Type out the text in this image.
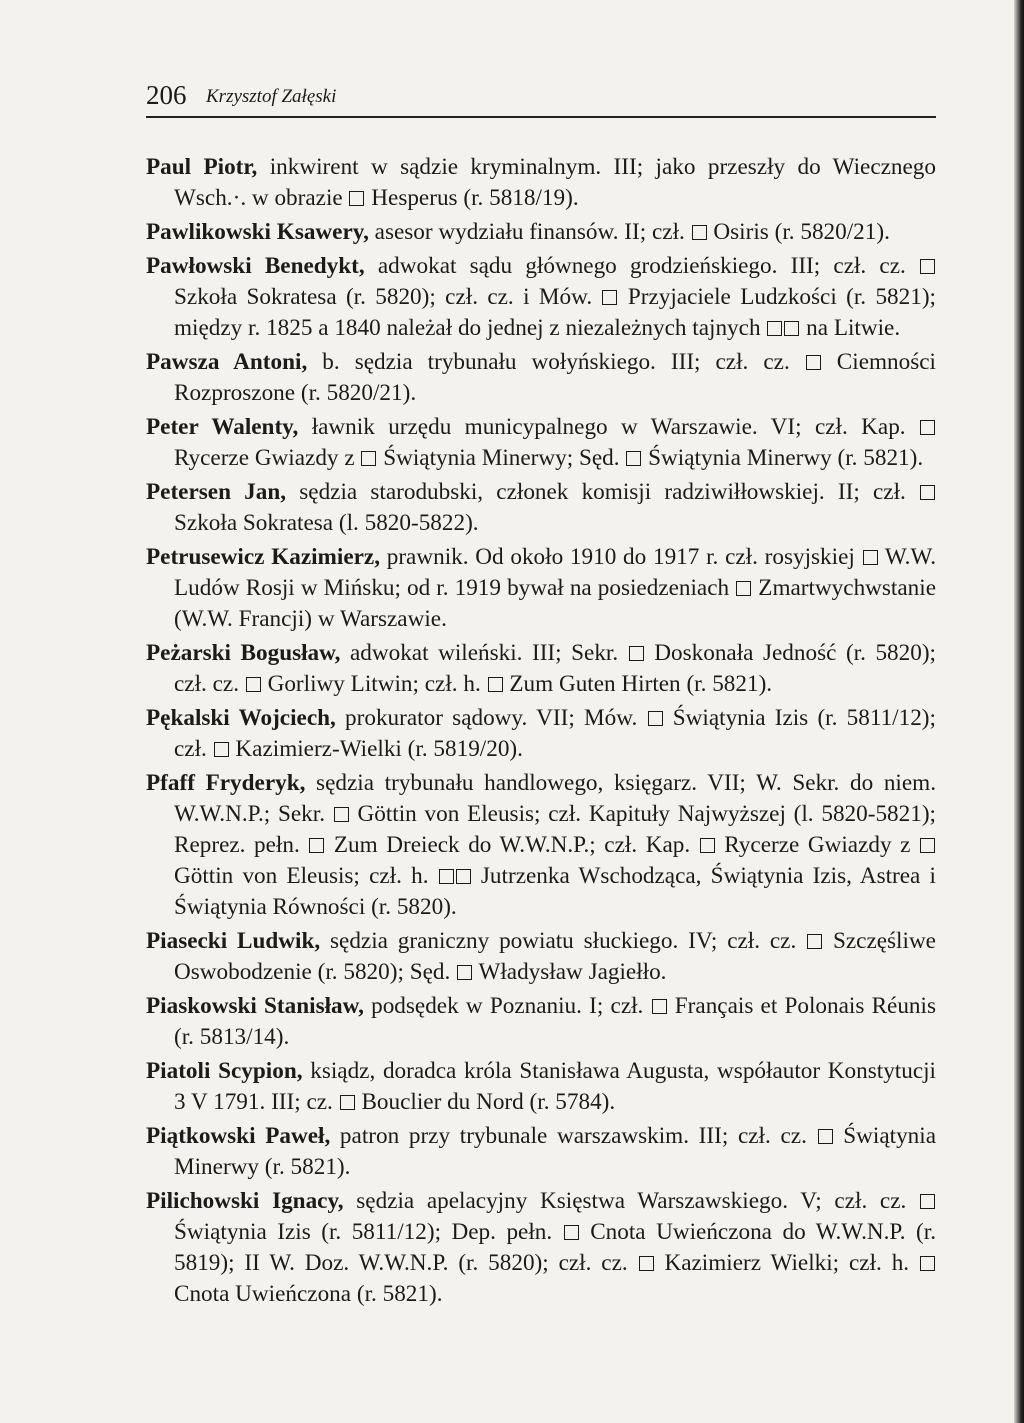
206 Krzysztof Załęski

Paul Piotr, inkwirent w sądzie kryminalnym. III; jako przeszły do Wiecznego Wsch.·. w obrazie  Hesperus (r. 5818/19).

Pawlikowski Ksawery, asesor wydziału finansów. II; czł.  Osiris (r. 5820/21).

Pawłowski Benedykt, adwokat sądu głównego grodzieńskiego. III; czł. cz.  Szkoła Sokratesa (r. 5820); czł. cz. i Mów.  Przyjaciele Ludzkości (r. 5821); między r. 1825 a 1840 należał do jednej z niezależnych tajnych  na Litwie.

Pawsza Antoni, b. sędzia trybunału wołyńskiego. III; czł. cz.  Ciemności Rozproszone (r. 5820/21).

Peter Walenty, ławnik urzędu municypalnego w Warszawie. VI; czł. Kap.  Rycerze Gwiazdy z  Świątynia Minerwy; Sęd.  Świątynia Minerwy (r. 5821).

Petersen Jan, sędzia starodubski, członek komisji radziwiłłowskiej. II; czł.  Szkoła Sokratesa (l. 5820-5822).

Petrusewicz Kazimierz, prawnik. Od około 1910 do 1917 r. czł. rosyjskiej  W.W. Ludów Rosji w Mińsku; od r. 1919 bywał na posiedzeniach  Zmartwychwstanie (W.W. Francji) w Warszawie.

Peżarski Bogusław, adwokat wileński. III; Sekr.  Doskonała Jedność (r. 5820); czł. cz.  Gorliwy Litwin; czł. h.  Zum Guten Hirten (r. 5821).

Pękalski Wojciech, prokurator sądowy. VII; Mów.  Świątynia Izis (r. 5811/12); czł.  Kazimierz-Wielki (r. 5819/20).

Pfaff Fryderyk, sędzia trybunału handlowego, księgarz. VII; W. Sekr. do niem. W.W.N.P.; Sekr.  Göttin von Eleusis; czł. Kapituły Najwyższej (l. 5820-5821); Reprez. pełn.  Zum Dreieck do W.W.N.P.; czł. Kap.  Rycerze Gwiazdy z  Göttin von Eleusis; czł. h.  Jutrzenka Wschodząca, Świątynia Izis, Astrea i Świątynia Równości (r. 5820).

Piasecki Ludwik, sędzia graniczny powiatu słuckiego. IV; czł. cz.  Szczęśliwe Oswobodzenie (r. 5820); Sęd.  Władysław Jagiełło.

Piaskowski Stanisław, podsędek w Poznaniu. I; czł.  Français et Polonais Réunis (r. 5813/14).

Piatoli Scypion, ksiądz, doradca króla Stanisława Augusta, współautor Konstytucji 3 V 1791. III; cz.  Bouclier du Nord (r. 5784).

Piątkowski Paweł, patron przy trybunale warszawskim. III; czł. cz.  Świątynia Minerwy (r. 5821).

Pilichowski Ignacy, sędzia apelacyjny Księstwa Warszawskiego. V; czł. cz.  Świątynia Izis (r. 5811/12); Dep. pełn.  Cnota Uwieńczona do W.W.N.P. (r. 5819); II W. Doz. W.W.N.P. (r. 5820); czł. cz.  Kazimierz Wielki; czł. h.  Cnota Uwieńczona (r. 5821).
